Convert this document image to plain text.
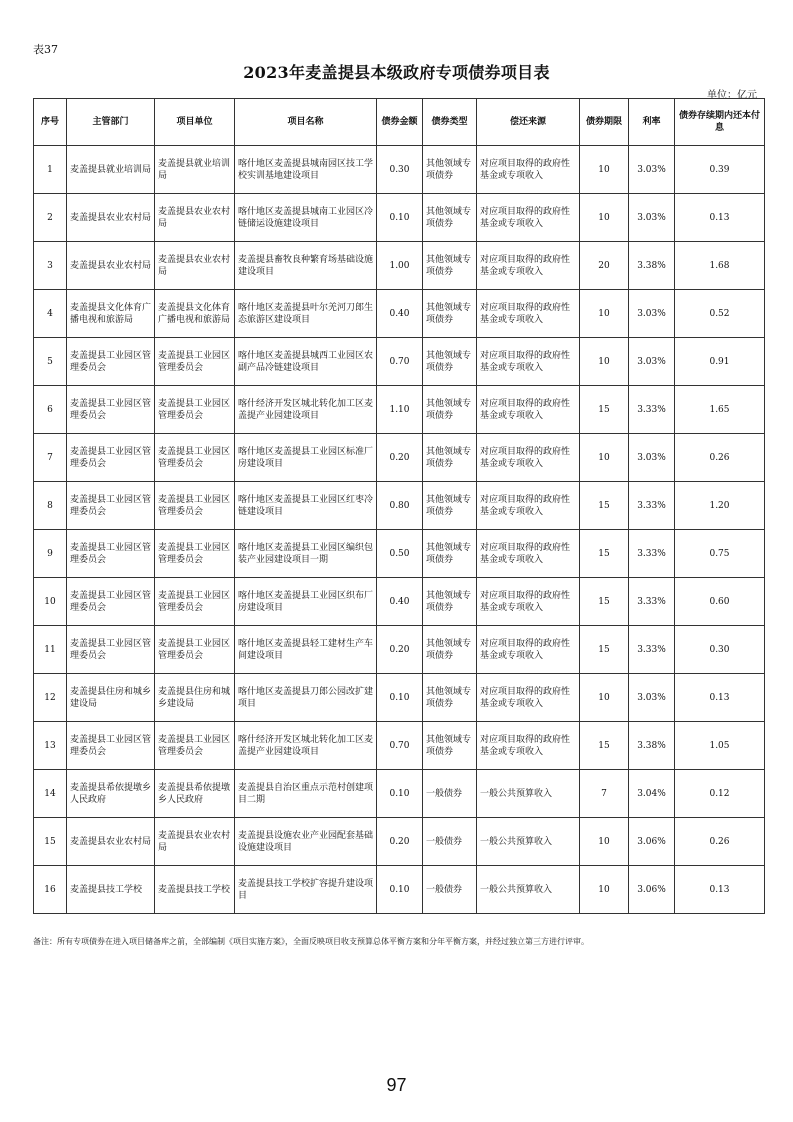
表37
2023年麦盖提县本级政府专项债券项目表
单位：亿元
序号	主管部门	项目单位	项目名称	债券金额	债券类型	偿还来源	债券期限	利率	债券存续期内还本付息
1	麦盖提县就业培训局	麦盖提县就业培训局	喀什地区麦盖提县城南园区技工学校实训基地建设项目	0.30	其他领域专项债券	对应项目取得的政府性基金或专项收入	10	3.03%	0.39
2	麦盖提县农业农村局	麦盖提县农业农村局	喀什地区麦盖提县城南工业园区冷链储运设施建设项目	0.10	其他领域专项债券	对应项目取得的政府性基金或专项收入	10	3.03%	0.13
3	麦盖提县农业农村局	麦盖提县农业农村局	麦盖提县畜牧良种繁育场基础设施建设项目	1.00	其他领域专项债券	对应项目取得的政府性基金或专项收入	20	3.38%	1.68
4	麦盖提县文化体育广播电视和旅游局	麦盖提县文化体育广播电视和旅游局	喀什地区麦盖提县叶尔羌河刀郎生态旅游区建设项目	0.40	其他领域专项债券	对应项目取得的政府性基金或专项收入	10	3.03%	0.52
5	麦盖提县工业园区管理委员会	麦盖提县工业园区管理委员会	喀什地区麦盖提县城西工业园区农副产品冷链建设项目	0.70	其他领域专项债券	对应项目取得的政府性基金或专项收入	10	3.03%	0.91
6	麦盖提县工业园区管理委员会	麦盖提县工业园区管理委员会	喀什经济开发区城北转化加工区麦盖提产业园建设项目	1.10	其他领域专项债券	对应项目取得的政府性基金或专项收入	15	3.33%	1.65
7	麦盖提县工业园区管理委员会	麦盖提县工业园区管理委员会	喀什地区麦盖提县工业园区标准厂房建设项目	0.20	其他领域专项债券	对应项目取得的政府性基金或专项收入	10	3.03%	0.26
8	麦盖提县工业园区管理委员会	麦盖提县工业园区管理委员会	喀什地区麦盖提县工业园区红枣冷链建设项目	0.80	其他领域专项债券	对应项目取得的政府性基金或专项收入	15	3.33%	1.20
9	麦盖提县工业园区管理委员会	麦盖提县工业园区管理委员会	喀什地区麦盖提县工业园区编织包装产业园建设项目一期	0.50	其他领域专项债券	对应项目取得的政府性基金或专项收入	15	3.33%	0.75
10	麦盖提县工业园区管理委员会	麦盖提县工业园区管理委员会	喀什地区麦盖提县工业园区织布厂房建设项目	0.40	其他领域专项债券	对应项目取得的政府性基金或专项收入	15	3.33%	0.60
11	麦盖提县工业园区管理委员会	麦盖提县工业园区管理委员会	喀什地区麦盖提县轻工建材生产车间建设项目	0.20	其他领域专项债券	对应项目取得的政府性基金或专项收入	15	3.33%	0.30
12	麦盖提县住房和城乡建设局	麦盖提县住房和城乡建设局	喀什地区麦盖提县刀郎公园改扩建项目	0.10	其他领域专项债券	对应项目取得的政府性基金或专项收入	10	3.03%	0.13
13	麦盖提县工业园区管理委员会	麦盖提县工业园区管理委员会	喀什经济开发区城北转化加工区麦盖提产业园建设项目	0.70	其他领域专项债券	对应项目取得的政府性基金或专项收入	15	3.38%	1.05
14	麦盖提县希依提墩乡人民政府	麦盖提县希依提墩乡人民政府	麦盖提县自治区重点示范村创建项目二期	0.10	一般债券	一般公共预算收入	7	3.04%	0.12
15	麦盖提县农业农村局	麦盖提县农业农村局	麦盖提县设施农业产业园配套基础设施建设项目	0.20	一般债券	一般公共预算收入	10	3.06%	0.26
16	麦盖提县技工学校	麦盖提县技工学校	麦盖提县技工学校扩容提升建设项目	0.10	一般债券	一般公共预算收入	10	3.06%	0.13
备注：所有专项债券在进入项目储备库之前，全部编制《项目实施方案》，全面反映项目收支预算总体平衡方案和分年平衡方案，并经过独立第三方进行评审。
97
